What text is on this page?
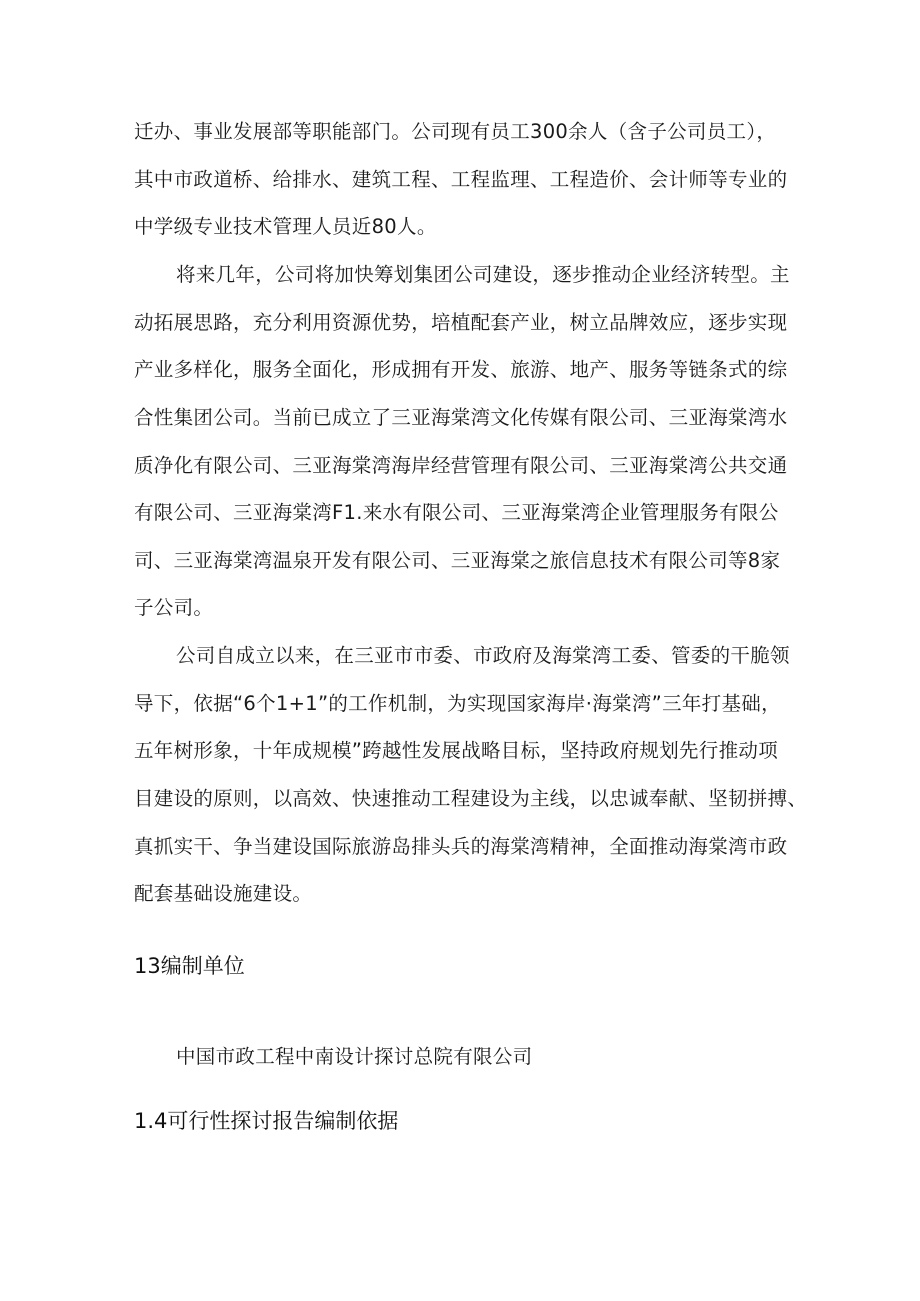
迁办、事业发展部等职能部门。公司现有员工300余人（含子公司员工），
其中市政道桥、给排水、建筑工程、工程监理、工程造价、会计师等专业的
中学级专业技术管理人员近80人。
将来几年，公司将加快筹划集团公司建设，逐步推动企业经济转型。主
动拓展思路，充分利用资源优势，培植配套产业，树立品牌效应，逐步实现
产业多样化，服务全面化，形成拥有开发、旅游、地产、服务等链条式的综
合性集团公司。当前已成立了三亚海棠湾文化传媒有限公司、三亚海棠湾水
质净化有限公司、三亚海棠湾海岸经营管理有限公司、三亚海棠湾公共交通
有限公司、三亚海棠湾F1.来水有限公司、三亚海棠湾企业管理服务有限公
司、三亚海棠湾温泉开发有限公司、三亚海棠之旅信息技术有限公司等8家
子公司。
公司自成立以来，在三亚市市委、市政府及海棠湾工委、管委的干脆领
导下，依据“6个1+1”的工作机制，为实现国家海岸·海棠湾”三年打基础，
五年树形象，十年成规模”跨越性发展战略目标，坚持政府规划先行推动项
目建设的原则，以高效、快速推动工程建设为主线，以忠诚奉献、坚韧拼搏、
真抓实干、争当建设国际旅游岛排头兵的海棠湾精神，全面推动海棠湾市政
配套基础设施建设。
13编制单位
中国市政工程中南设计探讨总院有限公司
1.4可行性探讨报告编制依据
